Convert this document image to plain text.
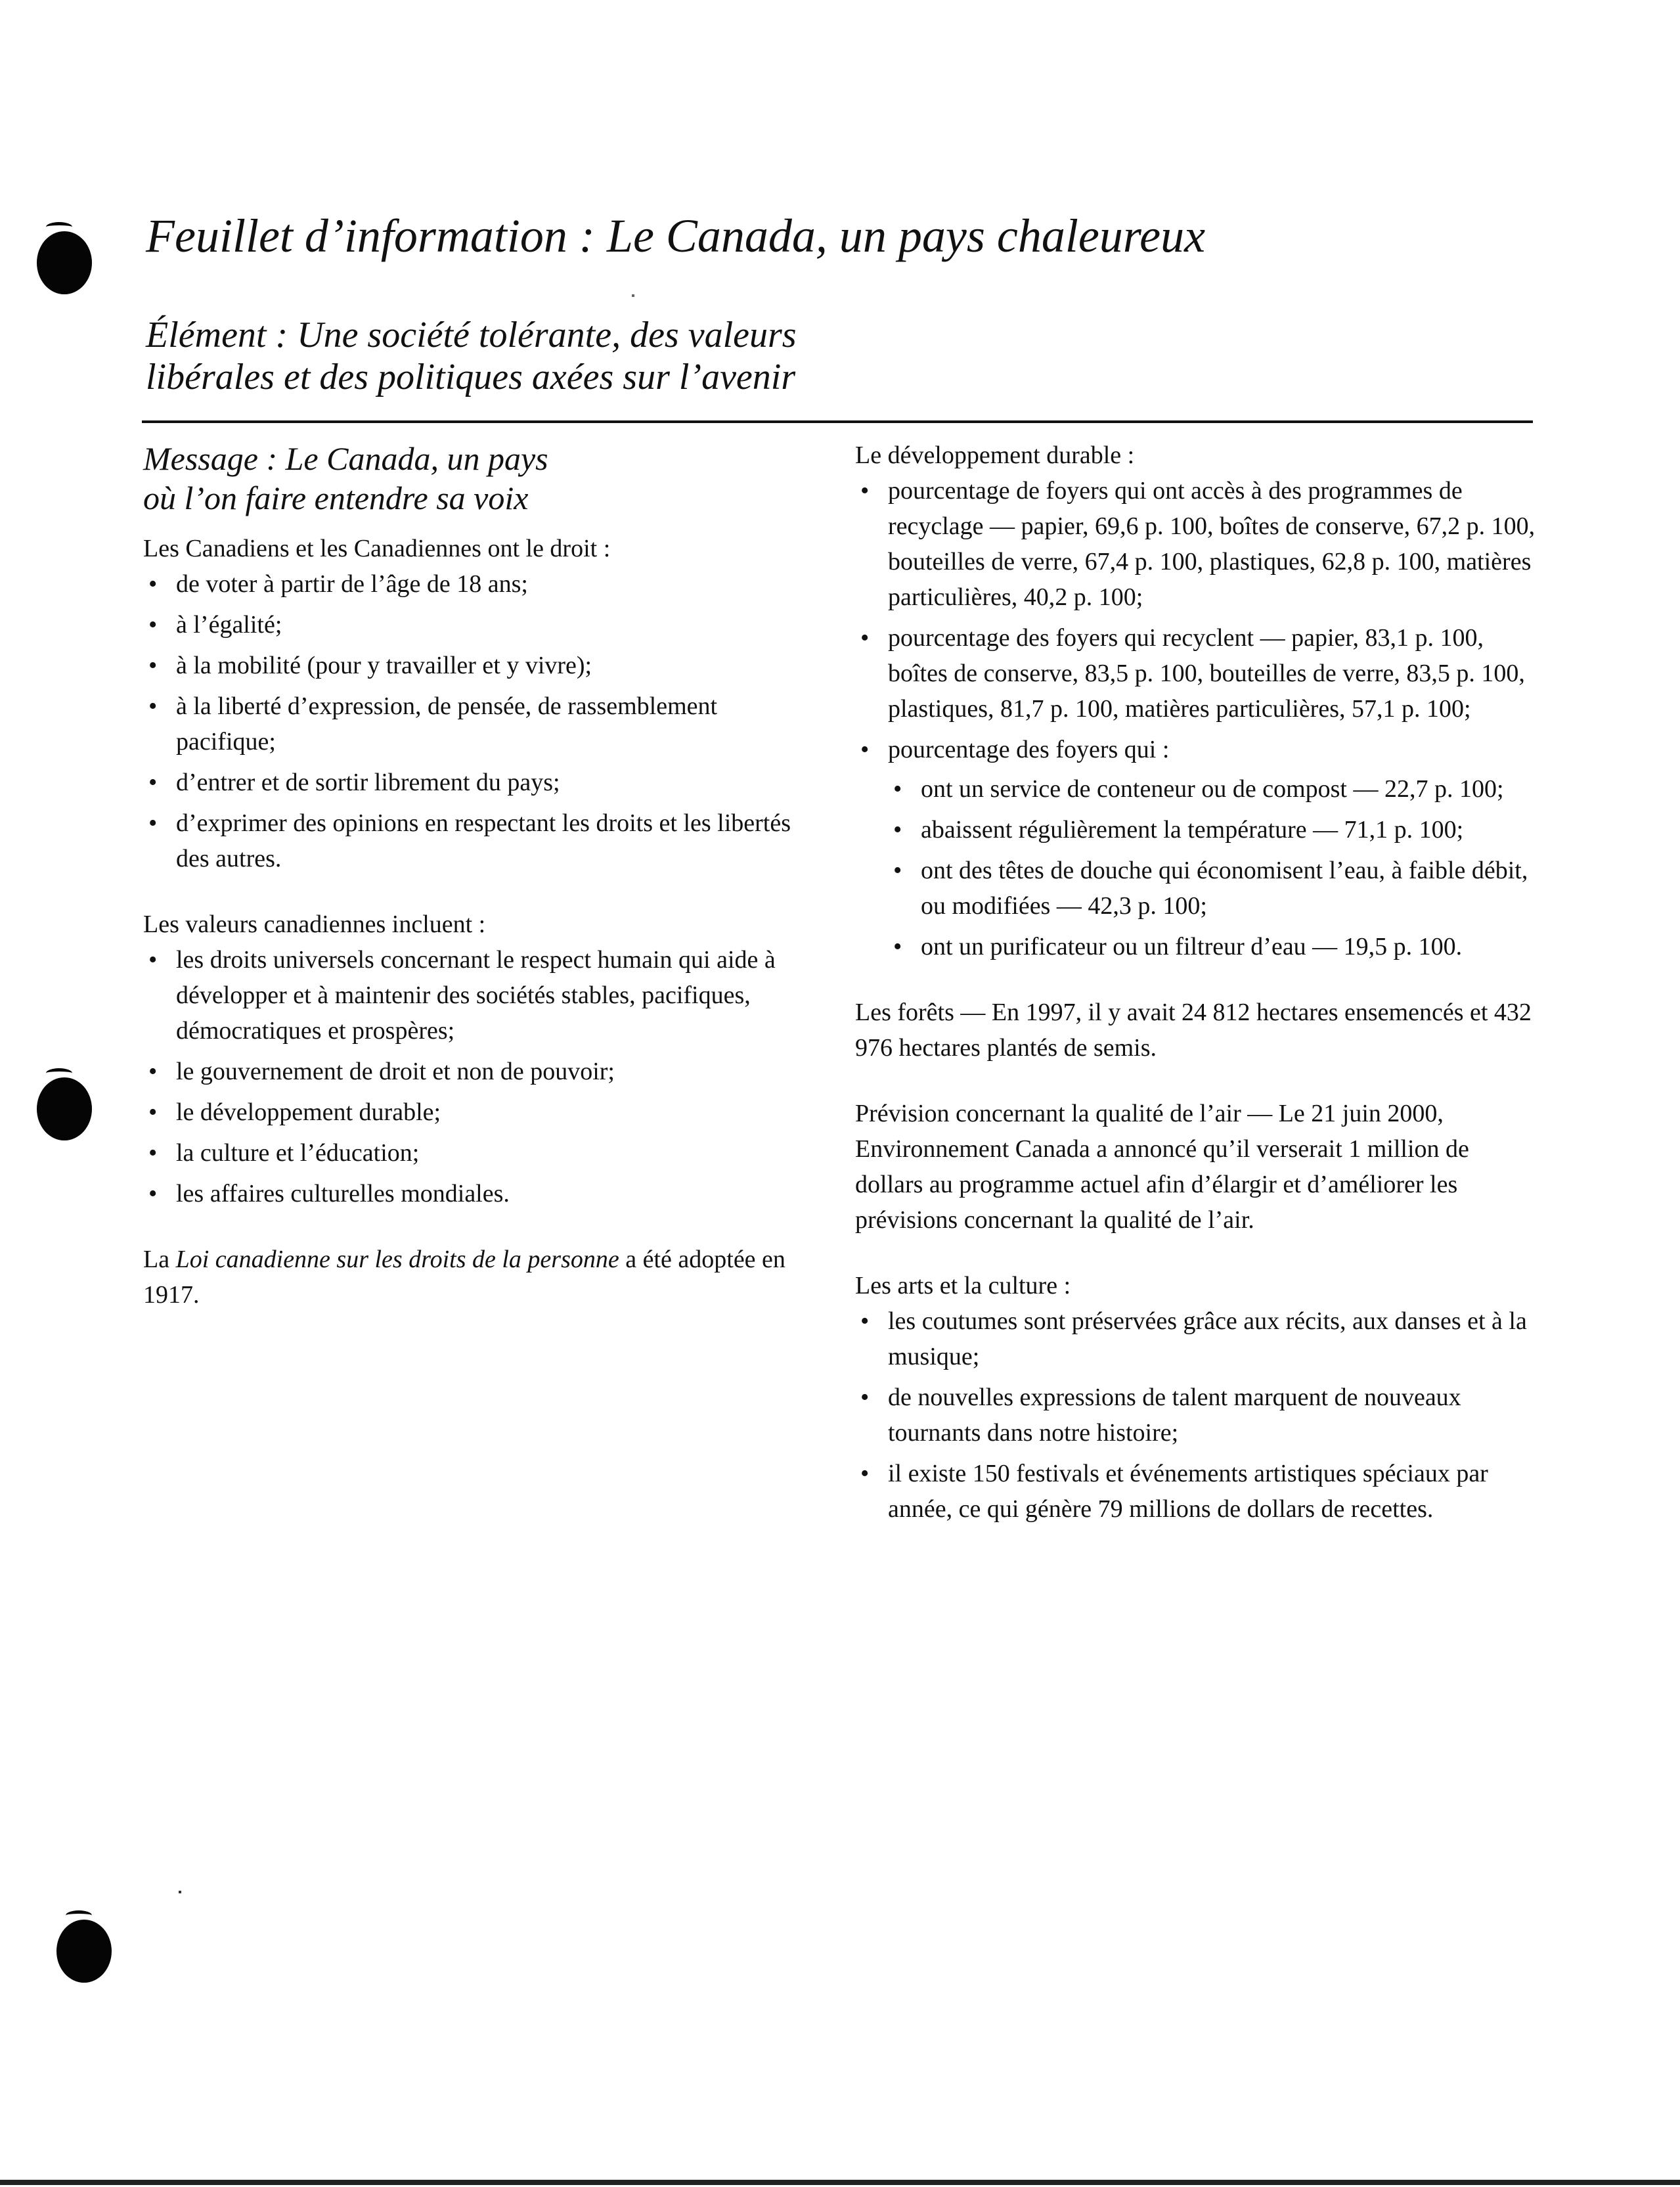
Feuillet d’information : Le Canada, un pays chaleureux
Élément : Une société tolérante, des valeurs
libérales et des politiques axées sur l’avenir
Message : Le Canada, un pays
où l’on faire entendre sa voix

Les Canadiens et les Canadiennes ont le droit :

• de voter à partir de l’âge de 18 ans;
• à l’égalité;
• à la mobilité (pour y travailler et y vivre);
• à la liberté d’expression, de pensée, de rassemblement pacifique;
• d’entrer et de sortir librement du pays;
• d’exprimer des opinions en respectant les droits et les libertés des autres.

Les valeurs canadiennes incluent :

• les droits universels concernant le respect humain qui aide à développer et à maintenir des sociétés stables, pacifiques, démocratiques et prospères;
• le gouvernement de droit et non de pouvoir;
• le développement durable;
• la culture et l’éducation;
• les affaires culturelles mondiales.

La Loi canadienne sur les droits de la personne a été adoptée en 1917.

Le développement durable :

• pourcentage de foyers qui ont accès à des programmes de recyclage — papier, 69,6 p. 100, boîtes de conserve, 67,2 p. 100, bouteilles de verre, 67,4 p. 100, plastiques, 62,8 p. 100, matières particulières, 40,2 p. 100;
• pourcentage des foyers qui recyclent — papier, 83,1 p. 100, boîtes de conserve, 83,5 p. 100, bouteilles de verre, 83,5 p. 100, plastiques, 81,7 p. 100, matières particulières, 57,1 p. 100;
• pourcentage des foyers qui :
• ont un service de conteneur ou de compost — 22,7 p. 100;
• abaissent régulièrement la température — 71,1 p. 100;
• ont des têtes de douche qui économisent l’eau, à faible débit, ou modifiées — 42,3 p. 100;
• ont un purificateur ou un filtreur d’eau — 19,5 p. 100.

Les forêts — En 1997, il y avait 24 812 hectares ensemencés et 432 976 hectares plantés de semis.

Prévision concernant la qualité de l’air — Le 21 juin 2000, Environnement Canada a annoncé qu’il verserait 1 million de dollars au programme actuel afin d’élargir et d’améliorer les prévisions concernant la qualité de l’air.

Les arts et la culture :

• les coutumes sont préservées grâce aux récits, aux danses et à la musique;
• de nouvelles expressions de talent marquent de nouveaux tournants dans notre histoire;
• il existe 150 festivals et événements artistiques spéciaux par année, ce qui génère 79 millions de dollars de recettes.
